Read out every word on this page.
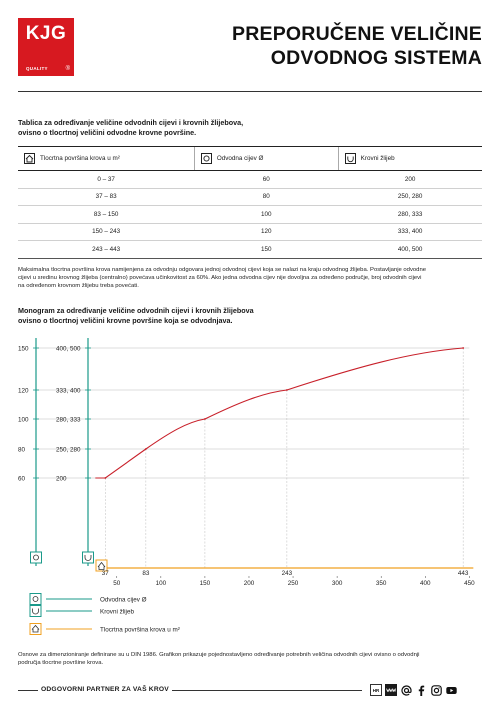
KJG
QUALITY	®
PREPORUČENE VELIČINE
ODVODNOG SISTEMA
Tablica za određivanje veličine odvodnih cijevi i krovnih žlijebova,
ovisno o tlocrtnoj veličini odvodne krovne površine.
Tlocrtna površina krova u m²	Odvodna cijev Ø	Krovni žlijeb

0 – 37	60	200
37 – 83	80	250, 280
83 – 150	100	280, 333
150 – 243	120	333, 400
243 – 443	150	400, 500
Maksimalna tlocrtna površina krova namijenjena za odvodnju odgovara jednoj odvodnoj cijevi koja se nalazi na kraju odvodnog žlijeba. Postavljanje odvodne
cijevi u sredinu krovnog žlijeba (centralno) povećava učinkovitost za 60%. Ako jedna odvodna cijev nije dovoljna za određeno područje, broj odvodnih cijevi
na određenom krovnom žlijebu treba povećati.
Monogram za određivanje veličine odvodnih cijevi i krovnih žlijebova
ovisno o tlocrtnoj veličini krovne površine koja se odvodnjava.
150
120
100
80
60
400, 500
333, 400
280, 333
250, 280
200
37	83	243	443
50	100	150	200	250	300	350	400	450
Odvodna cijev Ø
Krovni žlijeb
Tlocrtna površina krova u m²
Osnove za dimenzioniranje definirane su u DIN 1986. Grafikon prikazuje pojednostavljeno određivanje potrebnih veličina odvodnih cijevi ovisno o odvodnji
područja tlocrtne površine krova.
ODGOVORNI PARTNER ZA VAŠ KROV	HR
